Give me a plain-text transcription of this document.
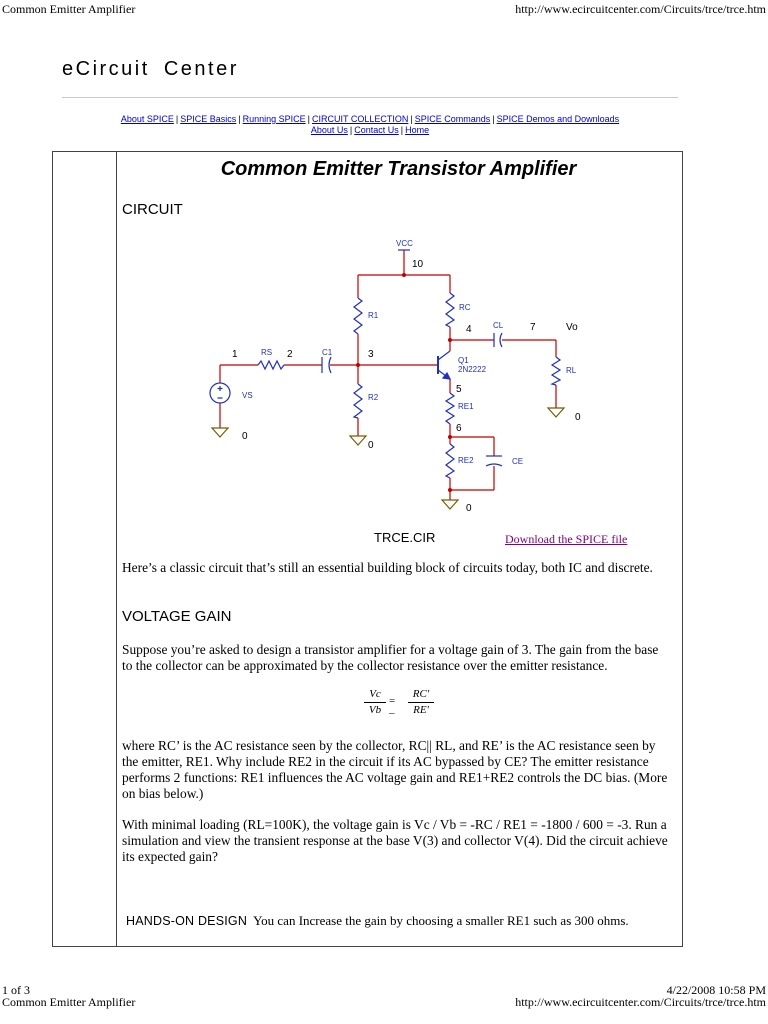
Common Emitter Amplifier	http://www.ecircuitcenter.com/Circuits/trce/trce.htm
eCircuit Center
About SPICE | SPICE Basics | Running SPICE | CIRCUIT COLLECTION | SPICE Commands | SPICE Demos and Downloads
About Us | Contact Us | Home
Common Emitter Transistor Amplifier
CIRCUIT
VCC
R1
R2
RS	C1
RC
Q1
2N2222
CL
RL
RE1
RE2	CE
VS
10
1	2	3
4	7	Vo
5
6
0
0
0
0
TRCE.CIR	Download the SPICE file
Here’s a classic circuit that’s still an essential building block of circuits today, both IC and discrete.
VOLTAGE GAIN
Suppose you’re asked to design a transistor amplifier for a voltage gain of 3. The gain from the base to the collector can be approximated by the collector resistance over the emitter resistance.
Vc
Vb
= –
RC'
RE'
where RC’ is the AC resistance seen by the collector, RC|| RL, and RE’ is the AC resistance seen by the emitter, RE1. Why include RE2 in the circuit if its AC bypassed by CE? The emitter resistance performs 2 functions: RE1 influences the AC voltage gain and RE1+RE2 controls the DC bias. (More on bias below.)
With minimal loading (RL=100K), the voltage gain is Vc / Vb = -RC / RE1 = -1800 / 600 = -3. Run a simulation and view the transient response at the base V(3) and collector V(4). Did the circuit achieve its expected gain?
HANDS-ON DESIGN You can Increase the gain by choosing a smaller RE1 such as 300 ohms.
1 of 3	4/22/2008 10:58 PM
Common Emitter Amplifier	http://www.ecircuitcenter.com/Circuits/trce/trce.htm
